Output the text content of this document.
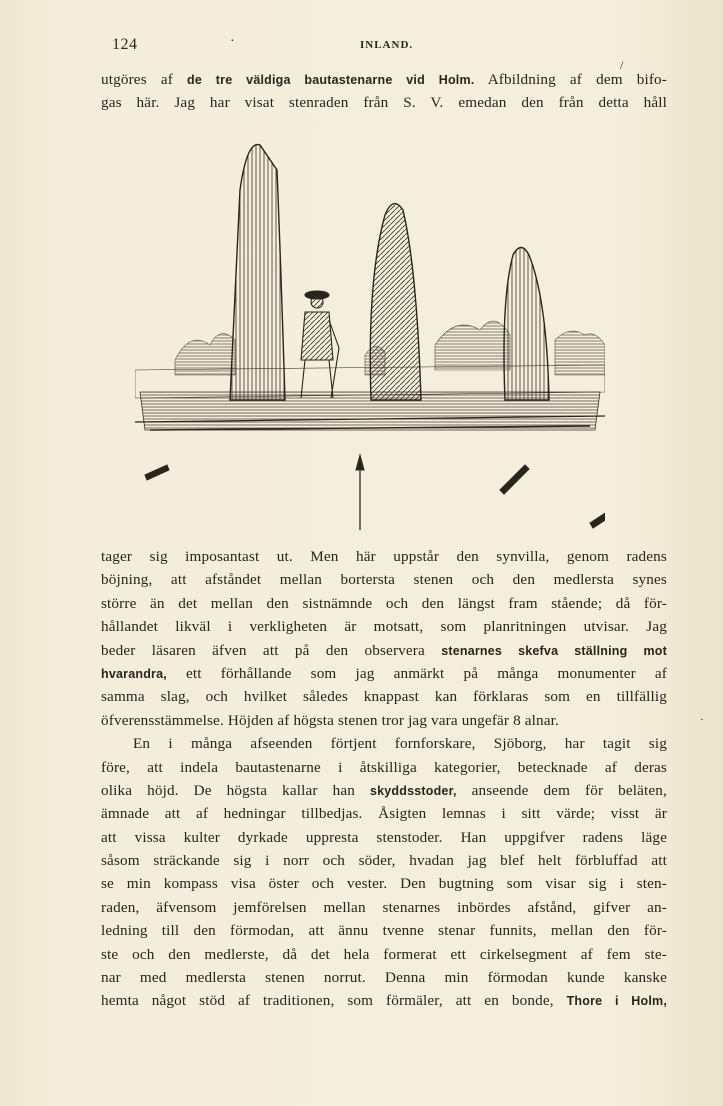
124	·	INLAND.
/
utgöres af de tre väldiga bautastenarne vid Holm. Afbildning af dem bifo-
gas här. Jag har visat stenraden från S. V. emedan den från detta håll
tager sig imposantast ut. Men här uppstår den synvilla, genom radens
böjning, att afståndet mellan bortersta stenen och den medlersta synes
större än det mellan den sistnämnde och den längst fram stående; då för-
hållandet likväl i verkligheten är motsatt, som planritningen utvisar. Jag
beder läsaren äfven att på den observera stenarnes skefva ställning mot
hvarandra, ett förhållande som jag anmärkt på många monumenter af
samma slag, och hvilket således knappast kan förklaras som en tillfällig
öfverensstämmelse. Höjden af högsta stenen tror jag vara ungefär 8 alnar.
En i många afseenden förtjent fornforskare, Sjöborg, har tagit sig
före, att indela bautastenarne i åtskilliga kategorier, betecknade af deras
olika höjd. De högsta kallar han skyddsstoder, anseende dem för beläten,
ämnade att af hedningar tillbedjas. Åsigten lemnas i sitt värde; visst är
att vissa kulter dyrkade uppresta stenstoder. Han uppgifver radens läge
såsom sträckande sig i norr och söder, hvadan jag blef helt förbluffad att
se min kompass visa öster och vester. Den bugtning som visar sig i sten-
raden, äfvensom jemförelsen mellan stenarnes inbördes afstånd, gifver an-
ledning till den förmodan, att ännu tvenne stenar funnits, mellan den för-
ste och den medlerste, då det hela formerat ett cirkelsegment af fem ste-
nar med medlersta stenen norrut. Denna min förmodan kunde kanske
hemta något stöd af traditionen, som förmäler, att en bonde, Thore i Holm,
·
